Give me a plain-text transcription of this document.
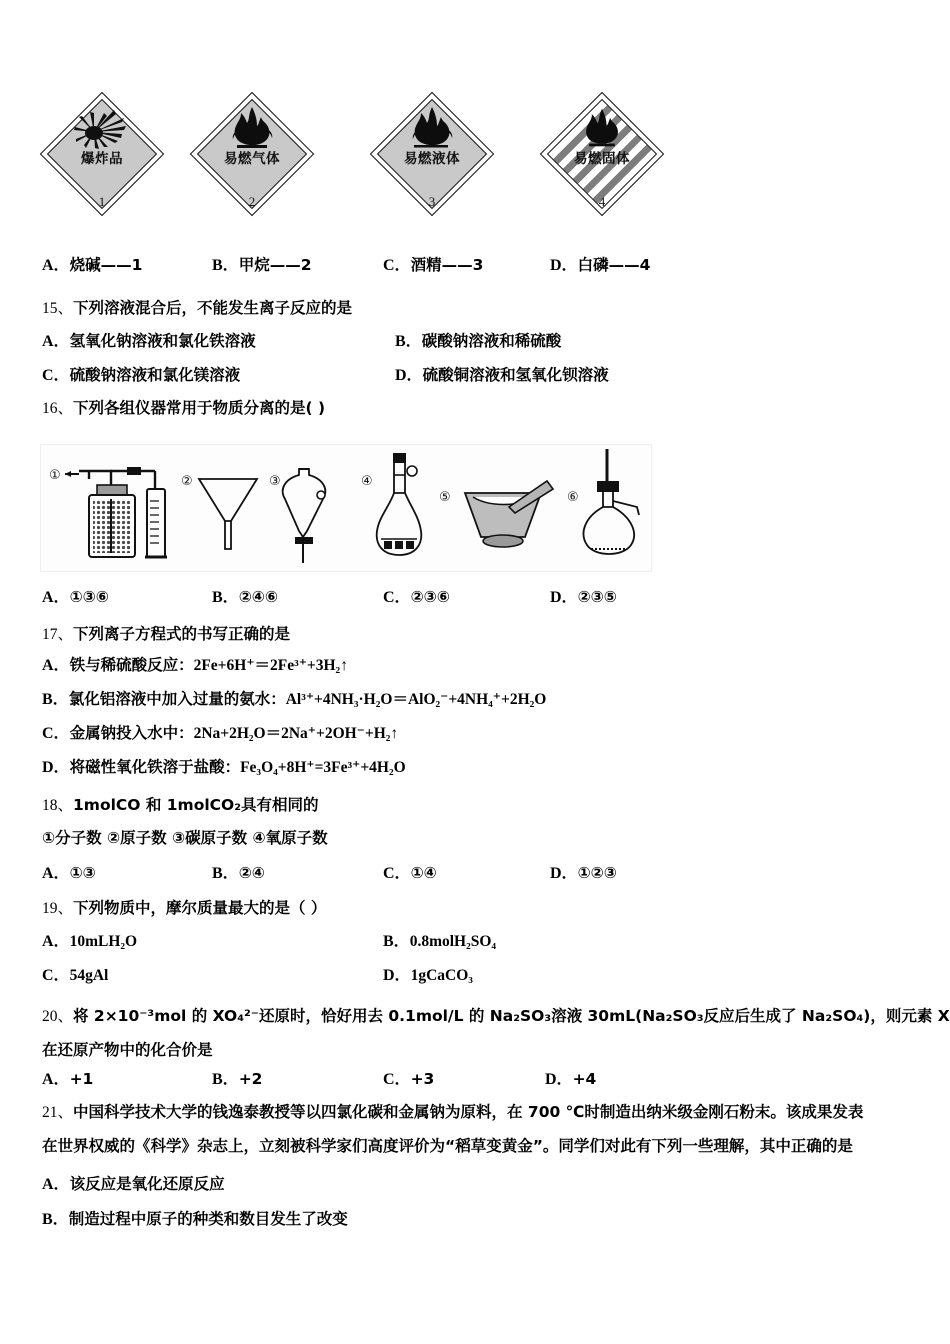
爆炸品
1
易燃气体
2
易燃液体
3
易燃固体
4
A．烧碱——1	B．甲烷——2	C．酒精——3	D．白磷——4
15、下列溶液混合后，不能发生离子反应的是
A．氢氧化钠溶液和氯化铁溶液	B．碳酸钠溶液和稀硫酸
C．硫酸钠溶液和氯化镁溶液	D．硫酸铜溶液和氢氧化钡溶液
16、下列各组仪器常用于物质分离的是( )
①	②	③	④
⑤	⑥
A．①③⑥	B．②④⑥	C．②③⑥	D．②③⑤
17、下列离子方程式的书写正确的是
A．铁与稀硫酸反应：2Fe+6H⁺＝2Fe³⁺+3H₂↑
B．氯化铝溶液中加入过量的氨水：Al³⁺+4NH₃·H₂O＝AlO₂⁻+4NH₄⁺+2H₂O
C．金属钠投入水中：2Na+2H₂O＝2Na⁺+2OH⁻+H₂↑
D．将磁性氧化铁溶于盐酸：Fe₃O₄+8H⁺=3Fe³⁺+4H₂O
18、1molCO 和 1molCO₂具有相同的
①分子数 ②原子数 ③碳原子数 ④氧原子数
A．①③	B．②④	C．①④	D．①②③
19、下列物质中，摩尔质量最大的是（ ）
A．10mLH₂O	B．0.8molH₂SO₄
C．54gAl	D．1gCaCO₃
20、将 2×10⁻³mol 的 XO₄²⁻还原时，恰好用去 0.1mol/L 的 Na₂SO₃溶液 30mL(Na₂SO₃反应后生成了 Na₂SO₄)，则元素 X
在还原产物中的化合价是
A．+1	B．+2	C．+3	D．+4
21、中国科学技术大学的钱逸泰教授等以四氯化碳和金属钠为原料，在 700 ℃时制造出纳米级金刚石粉末。该成果发表
在世界权威的《科学》杂志上，立刻被科学家们高度评价为“稻草变黄金”。同学们对此有下列一些理解，其中正确的是
A．该反应是氧化还原反应
B．制造过程中原子的种类和数目发生了改变
